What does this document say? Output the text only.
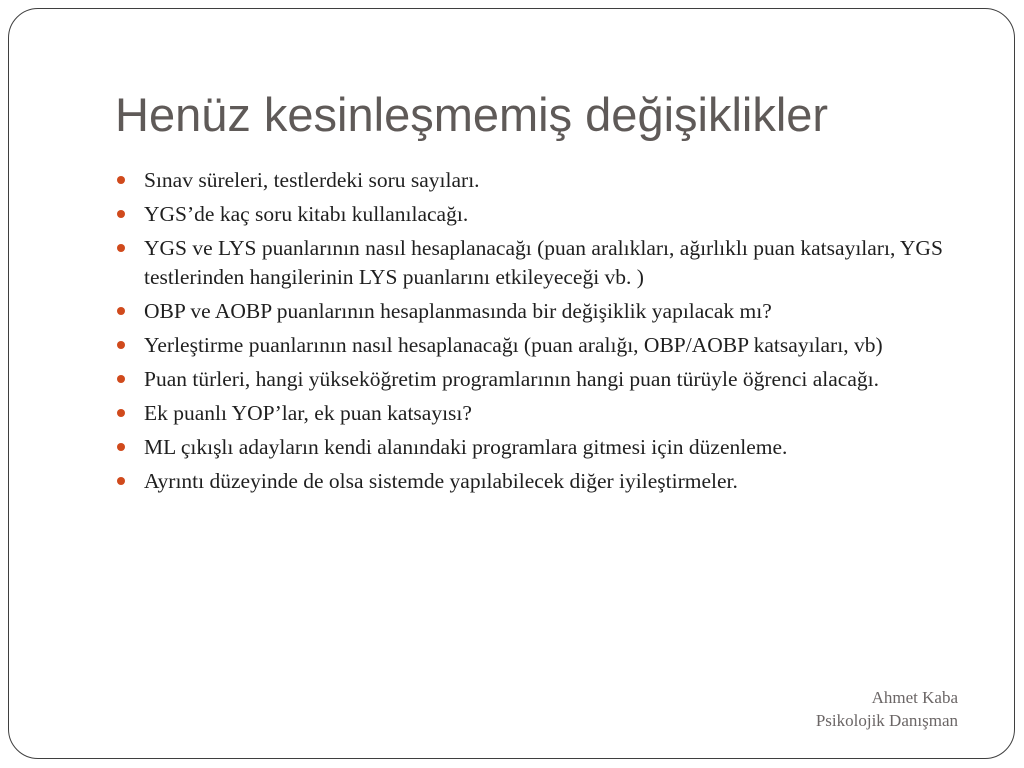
Henüz kesinleşmemiş değişiklikler
Sınav süreleri, testlerdeki soru sayıları.
YGS’de kaç soru kitabı kullanılacağı.
YGS ve LYS puanlarının nasıl hesaplanacağı (puan aralıkları, ağırlıklı puan katsayıları, YGS testlerinden hangilerinin LYS puanlarını etkileyeceği vb. )
OBP ve AOBP puanlarının hesaplanmasında bir değişiklik yapılacak mı?
Yerleştirme puanlarının nasıl hesaplanacağı (puan aralığı, OBP/AOBP katsayıları, vb)
Puan türleri, hangi yükseköğretim programlarının hangi puan türüyle öğrenci alacağı.
Ek puanlı YOP’lar, ek puan katsayısı?
ML çıkışlı adayların kendi alanındaki programlara gitmesi için düzenleme.
Ayrıntı düzeyinde de olsa sistemde yapılabilecek diğer iyileştirmeler.
Ahmet Kaba
Psikolojik Danışman
